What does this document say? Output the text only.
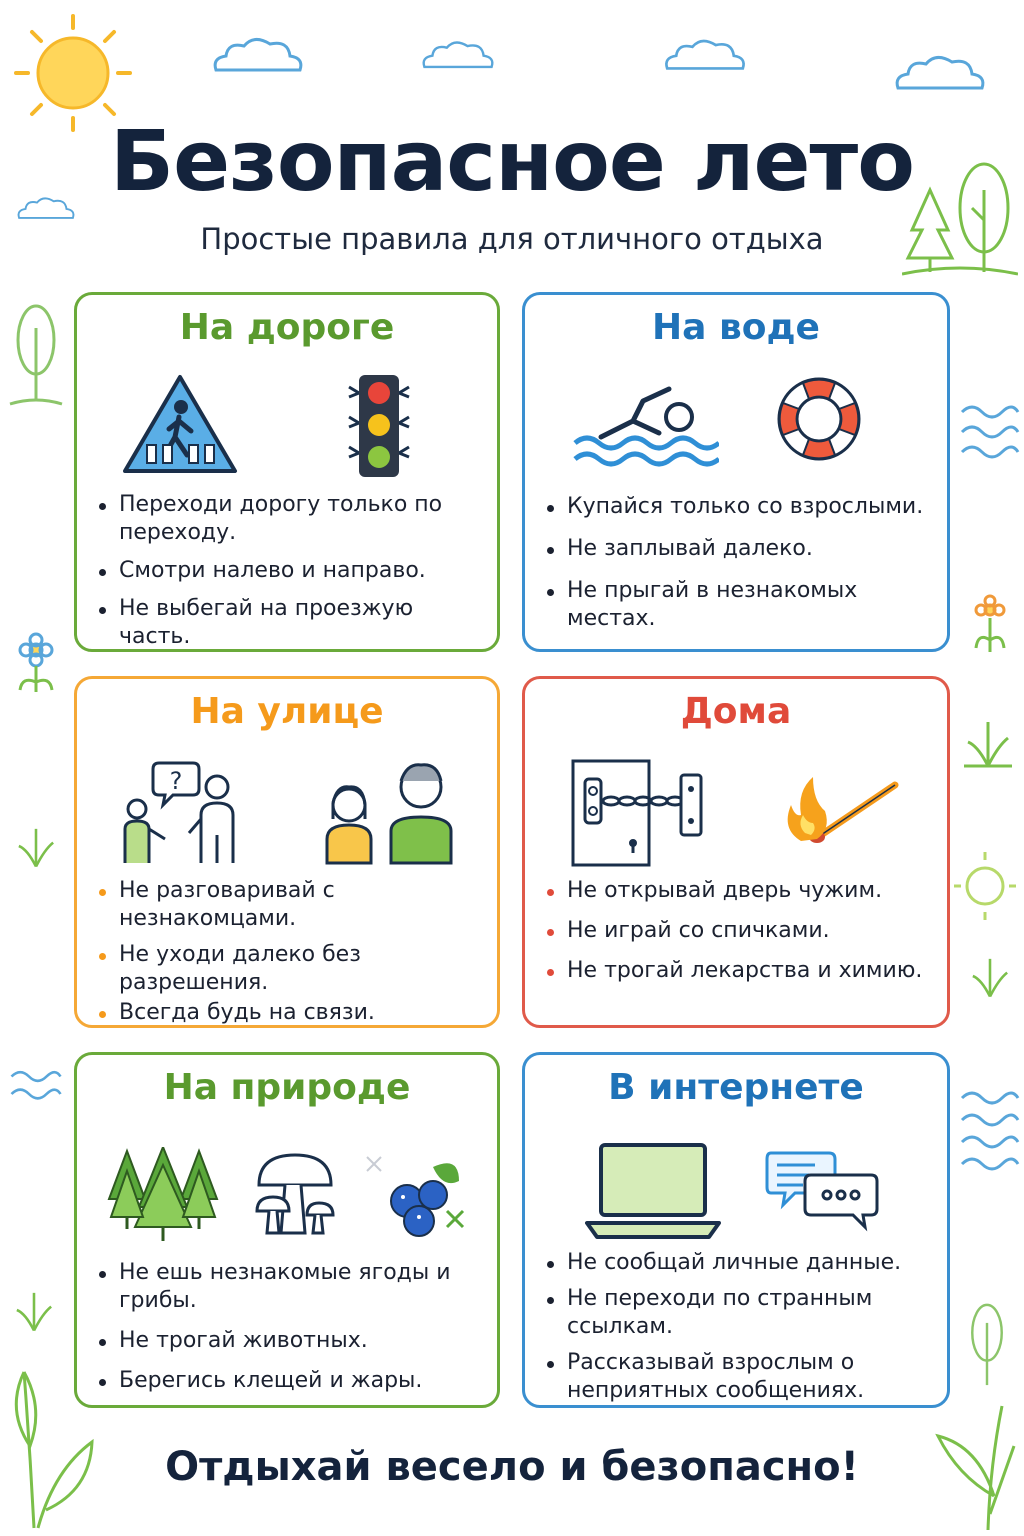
Безопасное лето
Простые правила для отличного отдыха
На дороге
Переходи дорогу только по переходу.
Смотри налево и направо.
Не выбегай на проезжую часть.
На воде
Купайся только со взрослыми.
Не заплывай далеко.
Не прыгай в незнакомых местах.
На улице
?
Не разговаривай с незнакомцами.
Не уходи далеко без разрешения.
Всегда будь на связи.
Дома
Не открывай дверь чужим.
Не играй со спичками.
Не трогай лекарства и химию.
На природе
Не ешь незнакомые ягоды и грибы.
Не трогай животных.
Берегись клещей и жары.
В интернете
Не сообщай личные данные.
Не переходи по странным ссылкам.
Рассказывай взрослым о неприятных сообщениях.

Отдыхай весело и безопасно!
